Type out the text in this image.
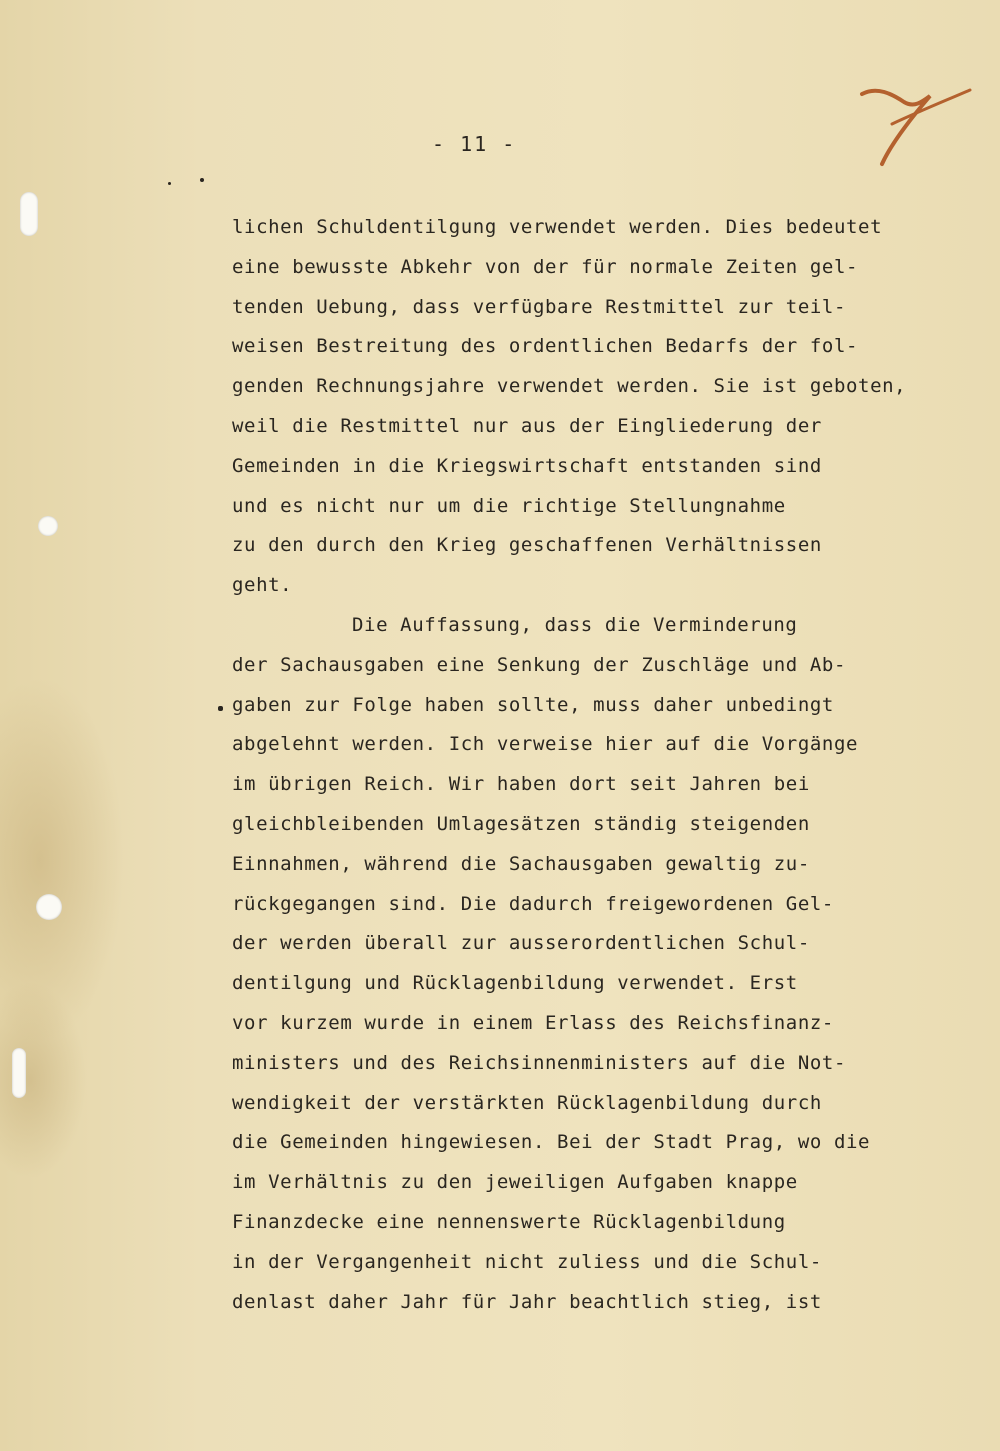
- 11 -
lichen Schuldentilgung verwendet werden. Dies bedeutet
eine bewusste Abkehr von der für normale Zeiten gel-
tenden Uebung, dass verfügbare Restmittel zur teil-
weisen Bestreitung des ordentlichen Bedarfs der fol-
genden Rechnungsjahre verwendet werden. Sie ist geboten,
weil die Restmittel nur aus der Eingliederung der
Gemeinden in die Kriegswirtschaft entstanden sind
und es nicht nur um die richtige Stellungnahme
zu den durch den Krieg geschaffenen Verhältnissen
geht.
Die Auffassung, dass die Verminderung
der Sachausgaben eine Senkung der Zuschläge und Ab-
gaben zur Folge haben sollte, muss daher unbedingt
abgelehnt werden. Ich verweise hier auf die Vorgänge
im übrigen Reich. Wir haben dort seit Jahren bei
gleichbleibenden Umlagesätzen ständig steigenden
Einnahmen, während die Sachausgaben gewaltig zu-
rückgegangen sind. Die dadurch freigewordenen Gel-
der werden überall zur ausserordentlichen Schul-
dentilgung und Rücklagenbildung verwendet. Erst
vor kurzem wurde in einem Erlass des Reichsfinanz-
ministers und des Reichsinnenministers auf die Not-
wendigkeit der verstärkten Rücklagenbildung durch
die Gemeinden hingewiesen. Bei der Stadt Prag, wo die
im Verhältnis zu den jeweiligen Aufgaben knappe
Finanzdecke eine nennenswerte Rücklagenbildung
in der Vergangenheit nicht zuliess und die Schul-
denlast daher Jahr für Jahr beachtlich stieg, ist
